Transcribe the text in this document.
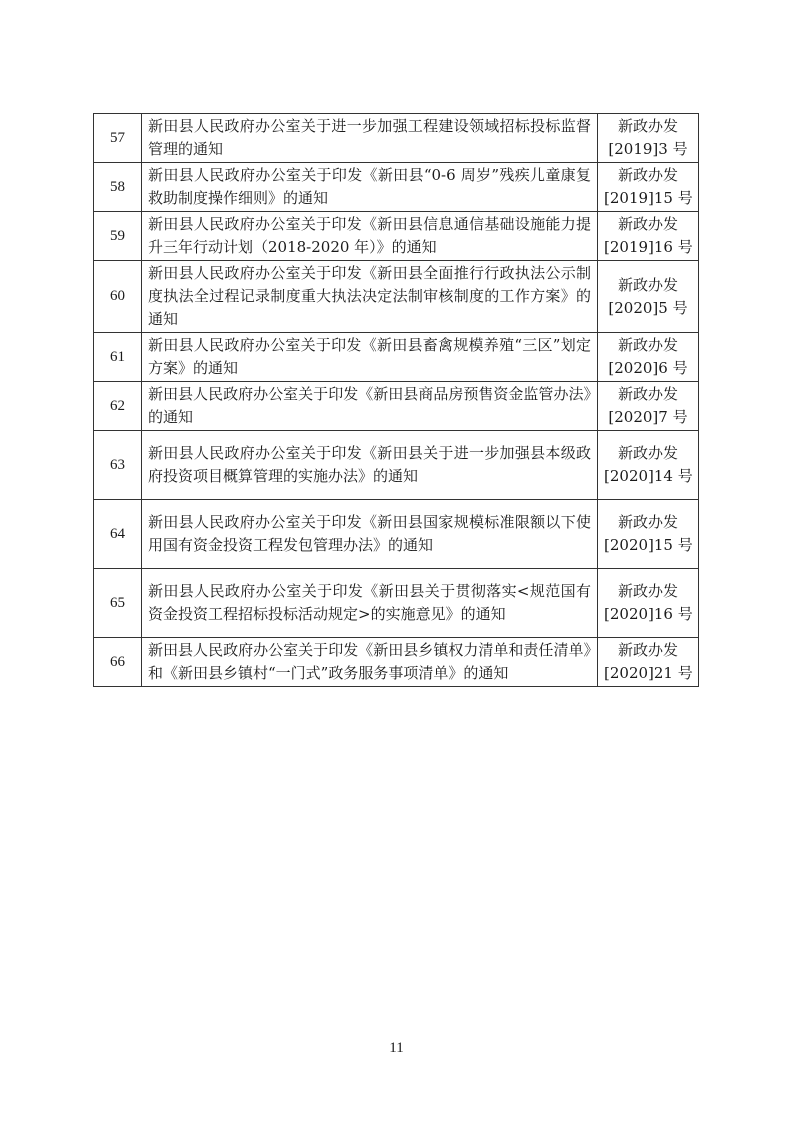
57	新田县人民政府办公室关于进一步加强工程建设领域招标投标监督管理的通知	新政办发
[2019]3 号

58	新田县人民政府办公室关于印发《新田县“0-6 周岁”残疾儿童康复救助制度操作细则》的通知	新政办发
[2019]15 号

59	新田县人民政府办公室关于印发《新田县信息通信基础设施能力提升三年行动计划（2018-2020 年）》的通知	新政办发
[2019]16 号

60	新田县人民政府办公室关于印发《新田县全面推行行政执法公示制度执法全过程记录制度重大执法决定法制审核制度的工作方案》的通知	新政办发
[2020]5 号

61	新田县人民政府办公室关于印发《新田县畜禽规模养殖“三区”划定方案》的通知	新政办发
[2020]6 号

62	新田县人民政府办公室关于印发《新田县商品房预售资金监管办法》的通知	新政办发
[2020]7 号

63	新田县人民政府办公室关于印发《新田县关于进一步加强县本级政府投资项目概算管理的实施办法》的通知	新政办发
[2020]14 号

64	新田县人民政府办公室关于印发《新田县国家规模标准限额以下使用国有资金投资工程发包管理办法》的通知	新政办发
[2020]15 号

65	新田县人民政府办公室关于印发《新田县关于贯彻落实<规范国有资金投资工程招标投标活动规定>的实施意见》的通知	新政办发
[2020]16 号

66	新田县人民政府办公室关于印发《新田县乡镇权力清单和责任清单》和《新田县乡镇村“一门式”政务服务事项清单》的通知	新政办发
[2020]21 号
11
